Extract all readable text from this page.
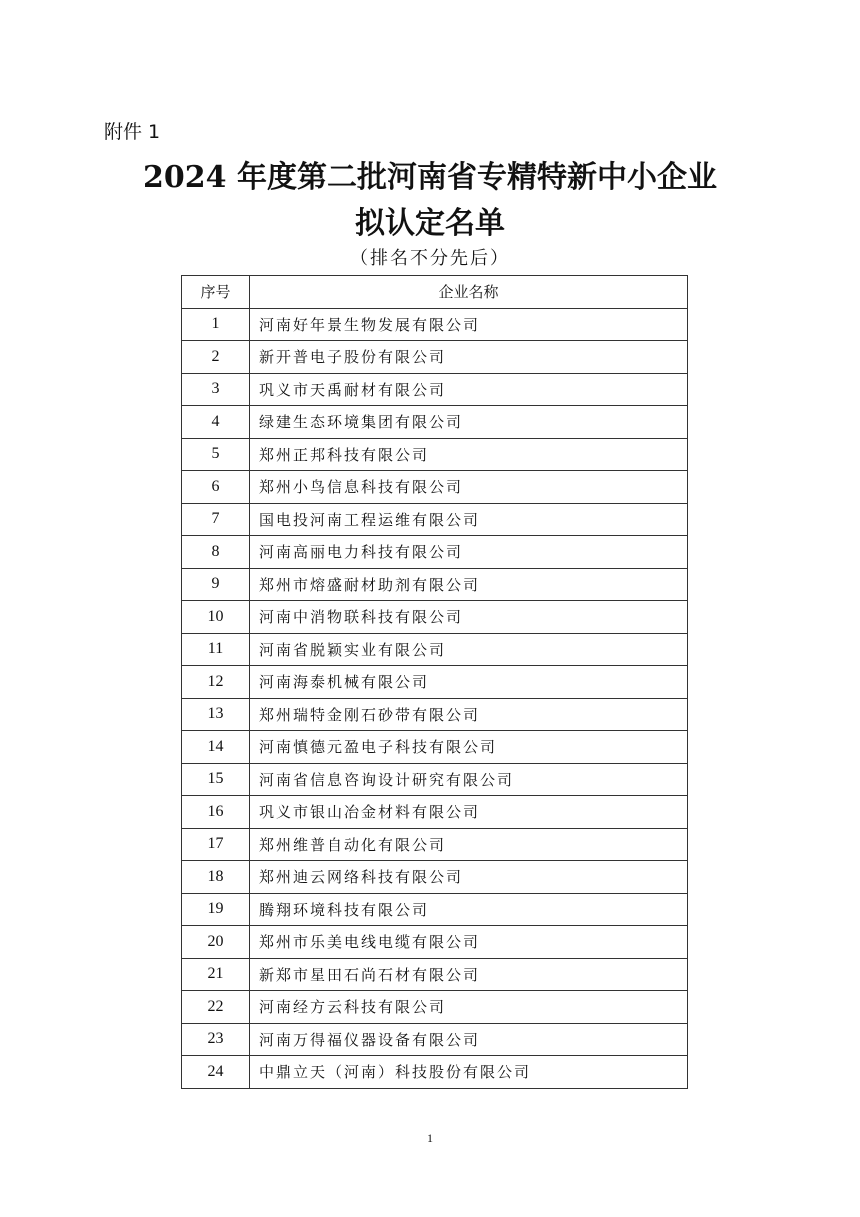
附件 1
2024 年度第二批河南省专精特新中小企业
拟认定名单
（排名不分先后）
序号	企业名称
1	河南好年景生物发展有限公司
2	新开普电子股份有限公司
3	巩义市天禹耐材有限公司
4	绿建生态环境集团有限公司
5	郑州正邦科技有限公司
6	郑州小鸟信息科技有限公司
7	国电投河南工程运维有限公司
8	河南高丽电力科技有限公司
9	郑州市熔盛耐材助剂有限公司
10	河南中消物联科技有限公司
11	河南省脱颖实业有限公司
12	河南海泰机械有限公司
13	郑州瑞特金刚石砂带有限公司
14	河南慎德元盈电子科技有限公司
15	河南省信息咨询设计研究有限公司
16	巩义市银山冶金材料有限公司
17	郑州维普自动化有限公司
18	郑州迪云网络科技有限公司
19	腾翔环境科技有限公司
20	郑州市乐美电线电缆有限公司
21	新郑市星田石尚石材有限公司
22	河南经方云科技有限公司
23	河南万得福仪器设备有限公司
24	中鼎立天（河南）科技股份有限公司
1
